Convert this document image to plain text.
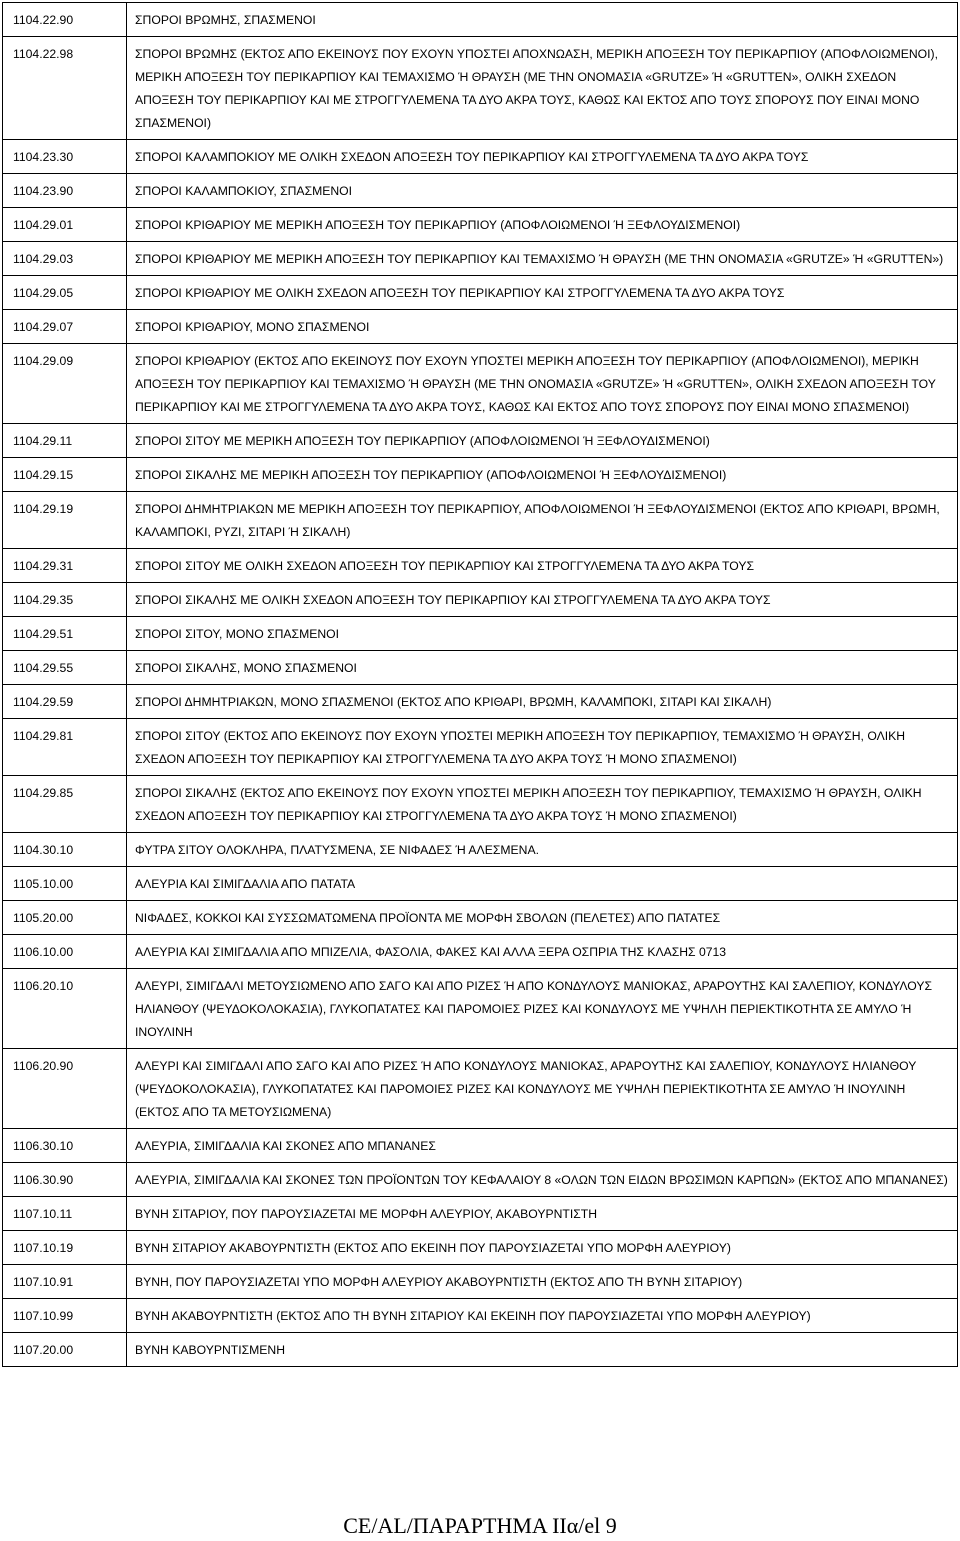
1104.22.90	ΣΠΟΡΟΙ ΒΡΩΜΗΣ, ΣΠΑΣΜΕΝΟΙ
1104.22.98	ΣΠΟΡΟΙ ΒΡΩΜΗΣ (ΕΚΤΟΣ ΑΠΟ ΕΚΕΙΝΟΥΣ ΠΟΥ ΕΧΟΥΝ ΥΠΟΣΤΕΙ ΑΠΟΧΝΩΑΣΗ, ΜΕΡΙΚΗ ΑΠΟΞΕΣΗ ΤΟΥ ΠΕΡΙΚΑΡΠΙΟΥ (ΑΠΟΦΛΟΙΩΜΕΝΟΙ), ΜΕΡΙΚΗ ΑΠΟΞΕΣΗ ΤΟΥ ΠΕΡΙΚΑΡΠΙΟΥ ΚΑΙ ΤΕΜΑΧΙΣΜΟ Ή ΘΡΑΥΣΗ (ΜΕ ΤΗΝ ΟΝΟΜΑΣΙΑ «GRUTZE» Ή «GRUTTEN», ΟΛΙΚΗ ΣΧΕΔΟΝ ΑΠΟΞΕΣΗ ΤΟΥ ΠΕΡΙΚΑΡΠΙΟΥ ΚΑΙ ΜΕ ΣΤΡΟΓΓΥΛΕΜΕΝΑ ΤΑ ΔΥΟ ΑΚΡΑ ΤΟΥΣ, ΚΑΘΩΣ ΚΑΙ ΕΚΤΟΣ ΑΠΟ ΤΟΥΣ ΣΠΟΡΟΥΣ ΠΟΥ ΕΙΝΑΙ ΜΟΝΟ ΣΠΑΣΜΕΝΟΙ)
1104.23.30	ΣΠΟΡΟΙ ΚΑΛΑΜΠΟΚΙΟΥ ΜΕ ΟΛΙΚΗ ΣΧΕΔΟΝ ΑΠΟΞΕΣΗ ΤΟΥ ΠΕΡΙΚΑΡΠΙΟΥ ΚΑΙ ΣΤΡΟΓΓΥΛΕΜΕΝΑ ΤΑ ΔΥΟ ΑΚΡΑ ΤΟΥΣ
1104.23.90	ΣΠΟΡΟΙ ΚΑΛΑΜΠΟΚΙΟΥ, ΣΠΑΣΜΕΝΟΙ
1104.29.01	ΣΠΟΡΟΙ ΚΡΙΘΑΡΙΟΥ ΜΕ ΜΕΡΙΚΗ ΑΠΟΞΕΣΗ ΤΟΥ ΠΕΡΙΚΑΡΠΙΟΥ (ΑΠΟΦΛΟΙΩΜΕΝΟΙ Ή ΞΕΦΛΟΥΔΙΣΜΕΝΟΙ)
1104.29.03	ΣΠΟΡΟΙ ΚΡΙΘΑΡΙΟΥ ΜΕ ΜΕΡΙΚΗ ΑΠΟΞΕΣΗ ΤΟΥ ΠΕΡΙΚΑΡΠΙΟΥ ΚΑΙ ΤΕΜΑΧΙΣΜΟ Ή ΘΡΑΥΣΗ (ΜΕ ΤΗΝ ΟΝΟΜΑΣΙΑ «GRUTZE» Ή «GRUTTEN»)
1104.29.05	ΣΠΟΡΟΙ ΚΡΙΘΑΡΙΟΥ ΜΕ ΟΛΙΚΗ ΣΧΕΔΟΝ ΑΠΟΞΕΣΗ ΤΟΥ ΠΕΡΙΚΑΡΠΙΟΥ ΚΑΙ ΣΤΡΟΓΓΥΛΕΜΕΝΑ ΤΑ ΔΥΟ ΑΚΡΑ ΤΟΥΣ
1104.29.07	ΣΠΟΡΟΙ ΚΡΙΘΑΡΙΟΥ, ΜΟΝΟ ΣΠΑΣΜΕΝΟΙ
1104.29.09	ΣΠΟΡΟΙ ΚΡΙΘΑΡΙΟΥ (ΕΚΤΟΣ ΑΠΟ ΕΚΕΙΝΟΥΣ ΠΟΥ ΕΧΟΥΝ ΥΠΟΣΤΕΙ ΜΕΡΙΚΗ ΑΠΟΞΕΣΗ ΤΟΥ ΠΕΡΙΚΑΡΠΙΟΥ (ΑΠΟΦΛΟΙΩΜΕΝΟΙ), ΜΕΡΙΚΗ ΑΠΟΞΕΣΗ ΤΟΥ ΠΕΡΙΚΑΡΠΙΟΥ ΚΑΙ ΤΕΜΑΧΙΣΜΟ Ή ΘΡΑΥΣΗ (ΜΕ ΤΗΝ ΟΝΟΜΑΣΙΑ «GRUTZE» Ή «GRUTTEN», ΟΛΙΚΗ ΣΧΕΔΟΝ ΑΠΟΞΕΣΗ ΤΟΥ ΠΕΡΙΚΑΡΠΙΟΥ ΚΑΙ ΜΕ ΣΤΡΟΓΓΥΛΕΜΕΝΑ ΤΑ ΔΥΟ ΑΚΡΑ ΤΟΥΣ, ΚΑΘΩΣ ΚΑΙ ΕΚΤΟΣ ΑΠΟ ΤΟΥΣ ΣΠΟΡΟΥΣ ΠΟΥ ΕΙΝΑΙ ΜΟΝΟ ΣΠΑΣΜΕΝΟΙ)
1104.29.11	ΣΠΟΡΟΙ ΣΙΤΟΥ ΜΕ ΜΕΡΙΚΗ ΑΠΟΞΕΣΗ ΤΟΥ ΠΕΡΙΚΑΡΠΙΟΥ (ΑΠΟΦΛΟΙΩΜΕΝΟΙ Ή ΞΕΦΛΟΥΔΙΣΜΕΝΟΙ)
1104.29.15	ΣΠΟΡΟΙ ΣΙΚΑΛΗΣ ΜΕ ΜΕΡΙΚΗ ΑΠΟΞΕΣΗ ΤΟΥ ΠΕΡΙΚΑΡΠΙΟΥ (ΑΠΟΦΛΟΙΩΜΕΝΟΙ Ή ΞΕΦΛΟΥΔΙΣΜΕΝΟΙ)
1104.29.19	ΣΠΟΡΟΙ ΔΗΜΗΤΡΙΑΚΩΝ ΜΕ ΜΕΡΙΚΗ ΑΠΟΞΕΣΗ ΤΟΥ ΠΕΡΙΚΑΡΠΙΟΥ, ΑΠΟΦΛΟΙΩΜΕΝΟΙ Ή ΞΕΦΛΟΥΔΙΣΜΕΝΟΙ (ΕΚΤΟΣ ΑΠΟ ΚΡΙΘΑΡΙ, ΒΡΩΜΗ, ΚΑΛΑΜΠΟΚΙ, ΡΥΖΙ, ΣΙΤΑΡΙ Ή ΣΙΚΑΛΗ)
1104.29.31	ΣΠΟΡΟΙ ΣΙΤΟΥ ΜΕ ΟΛΙΚΗ ΣΧΕΔΟΝ ΑΠΟΞΕΣΗ ΤΟΥ ΠΕΡΙΚΑΡΠΙΟΥ ΚΑΙ ΣΤΡΟΓΓΥΛΕΜΕΝΑ ΤΑ ΔΥΟ ΑΚΡΑ ΤΟΥΣ
1104.29.35	ΣΠΟΡΟΙ ΣΙΚΑΛΗΣ ΜΕ ΟΛΙΚΗ ΣΧΕΔΟΝ ΑΠΟΞΕΣΗ ΤΟΥ ΠΕΡΙΚΑΡΠΙΟΥ ΚΑΙ ΣΤΡΟΓΓΥΛΕΜΕΝΑ ΤΑ ΔΥΟ ΑΚΡΑ ΤΟΥΣ
1104.29.51	ΣΠΟΡΟΙ ΣΙΤΟΥ, ΜΟΝΟ ΣΠΑΣΜΕΝΟΙ
1104.29.55	ΣΠΟΡΟΙ ΣΙΚΑΛΗΣ, ΜΟΝΟ ΣΠΑΣΜΕΝΟΙ
1104.29.59	ΣΠΟΡΟΙ ΔΗΜΗΤΡΙΑΚΩΝ, ΜΟΝΟ ΣΠΑΣΜΕΝΟΙ (ΕΚΤΟΣ ΑΠΟ ΚΡΙΘΑΡΙ, ΒΡΩΜΗ, ΚΑΛΑΜΠΟΚΙ, ΣΙΤΑΡΙ ΚΑΙ ΣΙΚΑΛΗ)
1104.29.81	ΣΠΟΡΟΙ ΣΙΤΟΥ (ΕΚΤΟΣ ΑΠΟ ΕΚΕΙΝΟΥΣ ΠΟΥ ΕΧΟΥΝ ΥΠΟΣΤΕΙ ΜΕΡΙΚΗ ΑΠΟΞΕΣΗ ΤΟΥ ΠΕΡΙΚΑΡΠΙΟΥ, ΤΕΜΑΧΙΣΜΟ Ή ΘΡΑΥΣΗ, ΟΛΙΚΗ ΣΧΕΔΟΝ ΑΠΟΞΕΣΗ ΤΟΥ ΠΕΡΙΚΑΡΠΙΟΥ ΚΑΙ ΣΤΡΟΓΓΥΛΕΜΕΝΑ ΤΑ ΔΥΟ ΑΚΡΑ ΤΟΥΣ Ή ΜΟΝΟ ΣΠΑΣΜΕΝΟΙ)
1104.29.85	ΣΠΟΡΟΙ ΣΙΚΑΛΗΣ (ΕΚΤΟΣ ΑΠΟ ΕΚΕΙΝΟΥΣ ΠΟΥ ΕΧΟΥΝ ΥΠΟΣΤΕΙ ΜΕΡΙΚΗ ΑΠΟΞΕΣΗ ΤΟΥ ΠΕΡΙΚΑΡΠΙΟΥ, ΤΕΜΑΧΙΣΜΟ Ή ΘΡΑΥΣΗ, ΟΛΙΚΗ ΣΧΕΔΟΝ ΑΠΟΞΕΣΗ ΤΟΥ ΠΕΡΙΚΑΡΠΙΟΥ ΚΑΙ ΣΤΡΟΓΓΥΛΕΜΕΝΑ ΤΑ ΔΥΟ ΑΚΡΑ ΤΟΥΣ Ή ΜΟΝΟ ΣΠΑΣΜΕΝΟΙ)
1104.30.10	ΦΥΤΡΑ ΣΙΤΟΥ ΟΛΟΚΛΗΡΑ, ΠΛΑΤΥΣΜΕΝΑ, ΣΕ ΝΙΦΑΔΕΣ Ή ΑΛΕΣΜΕΝΑ.
1105.10.00	ΑΛΕΥΡΙΑ ΚΑΙ ΣΙΜΙΓΔΑΛΙΑ ΑΠΟ ΠΑΤΑΤΑ
1105.20.00	ΝΙΦΑΔΕΣ, ΚΟΚΚΟΙ ΚΑΙ ΣΥΣΣΩΜΑΤΩΜΕΝΑ ΠΡΟΪΟΝΤΑ ΜΕ ΜΟΡΦΗ ΣΒΟΛΩΝ (ΠΕΛΕΤΕΣ) ΑΠΟ ΠΑΤΑΤΕΣ
1106.10.00	ΑΛΕΥΡΙΑ ΚΑΙ ΣΙΜΙΓΔΑΛΙΑ ΑΠΟ ΜΠΙΖΕΛΙΑ, ΦΑΣΟΛΙΑ, ΦΑΚΕΣ ΚΑΙ ΑΛΛΑ ΞΕΡΑ ΟΣΠΡΙΑ ΤΗΣ ΚΛΑΣΗΣ 0713
1106.20.10	ΑΛΕΥΡΙ, ΣΙΜΙΓΔΑΛΙ ΜΕΤΟΥΣΙΩΜΕΝΟ ΑΠΟ ΣΑΓΟ ΚΑΙ ΑΠΟ ΡΙΖΕΣ Ή ΑΠΟ ΚΟΝΔΥΛΟΥΣ ΜΑΝΙΟΚΑΣ, ΑΡΑΡΟΥΤΗΣ ΚΑΙ ΣΑΛΕΠΙΟΥ, ΚΟΝΔΥΛΟΥΣ ΗΛΙΑΝΘΟΥ (ΨΕΥΔΟΚΟΛΟΚΑΣΙΑ), ΓΛΥΚΟΠΑΤΑΤΕΣ ΚΑΙ ΠΑΡΟΜΟΙΕΣ ΡΙΖΕΣ ΚΑΙ ΚΟΝΔΥΛΟΥΣ ΜΕ ΥΨΗΛΗ ΠΕΡΙΕΚΤΙΚΟΤΗΤΑ ΣΕ ΑΜΥΛΟ Ή ΙΝΟΥΛΙΝΗ
1106.20.90	ΑΛΕΥΡΙ ΚΑΙ ΣΙΜΙΓΔΑΛΙ ΑΠΟ ΣΑΓΟ ΚΑΙ ΑΠΟ ΡΙΖΕΣ Ή ΑΠΟ ΚΟΝΔΥΛΟΥΣ ΜΑΝΙΟΚΑΣ, ΑΡΑΡΟΥΤΗΣ ΚΑΙ ΣΑΛΕΠΙΟΥ, ΚΟΝΔΥΛΟΥΣ ΗΛΙΑΝΘΟΥ (ΨΕΥΔΟΚΟΛΟΚΑΣΙΑ), ΓΛΥΚΟΠΑΤΑΤΕΣ ΚΑΙ ΠΑΡΟΜΟΙΕΣ ΡΙΖΕΣ ΚΑΙ ΚΟΝΔΥΛΟΥΣ ΜΕ ΥΨΗΛΗ ΠΕΡΙΕΚΤΙΚΟΤΗΤΑ ΣΕ ΑΜΥΛΟ Ή ΙΝΟΥΛΙΝΗ (ΕΚΤΟΣ ΑΠΟ ΤΑ ΜΕΤΟΥΣΙΩΜΕΝΑ)
1106.30.10	ΑΛΕΥΡΙΑ, ΣΙΜΙΓΔΑΛΙΑ ΚΑΙ ΣΚΟΝΕΣ ΑΠΟ ΜΠΑΝΑΝΕΣ
1106.30.90	ΑΛΕΥΡΙΑ, ΣΙΜΙΓΔΑΛΙΑ ΚΑΙ ΣΚΟΝΕΣ ΤΩΝ ΠΡΟΪΟΝΤΩΝ ΤΟΥ ΚΕΦΑΛΑΙΟΥ 8 «ΟΛΩΝ ΤΩΝ ΕΙΔΩΝ ΒΡΩΣΙΜΩΝ ΚΑΡΠΩΝ» (ΕΚΤΟΣ ΑΠΟ ΜΠΑΝΑΝΕΣ)
1107.10.11	ΒΥΝΗ ΣΙΤΑΡΙΟΥ, ΠΟΥ ΠΑΡΟΥΣΙΑΖΕΤΑΙ ΜΕ ΜΟΡΦΗ ΑΛΕΥΡΙΟΥ, ΑΚΑΒΟΥΡΝΤΙΣΤΗ
1107.10.19	ΒΥΝΗ ΣΙΤΑΡΙΟΥ ΑΚΑΒΟΥΡΝΤΙΣΤΗ (ΕΚΤΟΣ ΑΠΟ ΕΚΕΙΝΗ ΠΟΥ ΠΑΡΟΥΣΙΑΖΕΤΑΙ ΥΠΟ ΜΟΡΦΗ ΑΛΕΥΡΙΟΥ)
1107.10.91	ΒΥΝΗ, ΠΟΥ ΠΑΡΟΥΣΙΑΖΕΤΑΙ ΥΠΟ ΜΟΡΦΗ ΑΛΕΥΡΙΟΥ ΑΚΑΒΟΥΡΝΤΙΣΤΗ (ΕΚΤΟΣ ΑΠΟ ΤΗ ΒΥΝΗ ΣΙΤΑΡΙΟΥ)
1107.10.99	ΒΥΝΗ ΑΚΑΒΟΥΡΝΤΙΣΤΗ (ΕΚΤΟΣ ΑΠΟ ΤΗ ΒΥΝΗ ΣΙΤΑΡΙΟΥ ΚΑΙ ΕΚΕΙΝΗ ΠΟΥ ΠΑΡΟΥΣΙΑΖΕΤΑΙ ΥΠΟ ΜΟΡΦΗ ΑΛΕΥΡΙΟΥ)
1107.20.00	ΒΥΝΗ ΚΑΒΟΥΡΝΤΙΣΜΕΝΗ
CE/AL/ΠΑΡΑΡΤΗΜΑ IIα/el 9
